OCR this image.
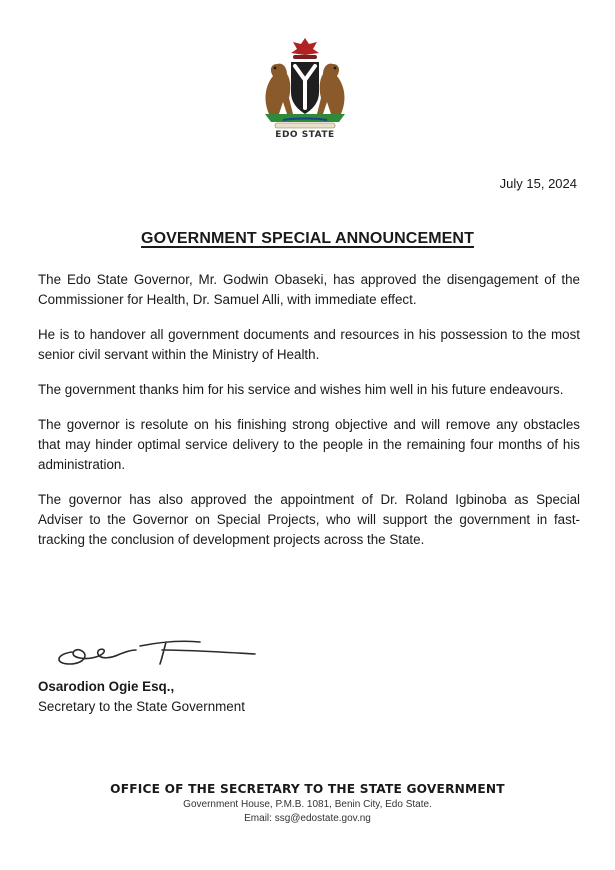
EDO STATE
July 15, 2024
GOVERNMENT SPECIAL ANNOUNCEMENT

The Edo State Governor, Mr. Godwin Obaseki, has approved the disengagement of the Commissioner for Health, Dr. Samuel Alli, with immediate effect.

He is to handover all government documents and resources in his possession to the most senior civil servant within the Ministry of Health.

The government thanks him for his service and wishes him well in his future endeavours.

The governor is resolute on his finishing strong objective and will remove any obstacles that may hinder optimal service delivery to the people in the remaining four months of his administration.

The governor has also approved the appointment of Dr. Roland Igbinoba as Special Adviser to the Governor on Special Projects, who will support the government in fast-tracking the conclusion of development projects across the State.

Osarodion Ogie Esq.,
Secretary to the State Government
OFFICE OF THE SECRETARY TO THE STATE GOVERNMENT
Government House, P.M.B. 1081, Benin City, Edo State.
Email: ssg@edostate.gov.ng
